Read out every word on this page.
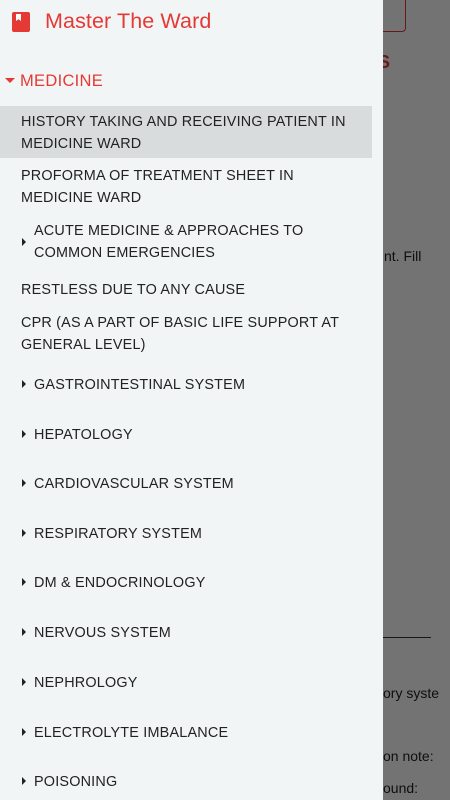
Master The Ward
MEDICINE
HISTORY TAKING AND RECEIVING PATIENT IN MEDICINE WARD
PROFORMA OF TREATMENT SHEET IN MEDICINE WARD
ACUTE MEDICINE & APPROACHES TO COMMON EMERGENCIES
RESTLESS DUE TO ANY CAUSE
CPR (AS A PART OF BASIC LIFE SUPPORT AT GENERAL LEVEL)
GASTROINTESTINAL SYSTEM
HEPATOLOGY
CARDIOVASCULAR SYSTEM
RESPIRATORY SYSTEM
DM & ENDOCRINOLOGY
NERVOUS SYSTEM
NEPHROLOGY
ELECTROLYTE IMBALANCE
POISONING
